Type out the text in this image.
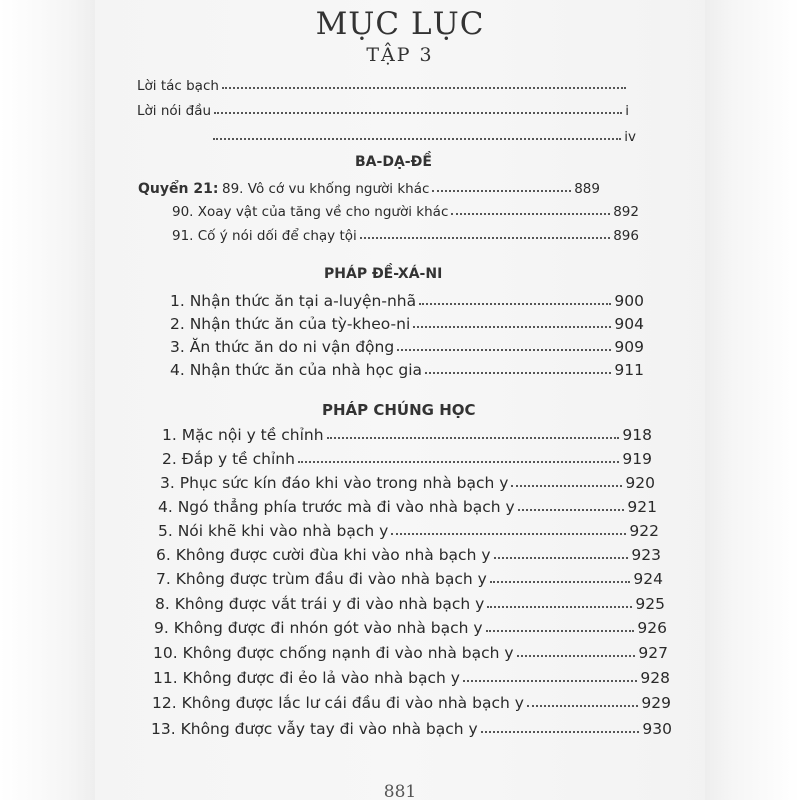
MỤC LỤC
TẬP 3
Lời tác bạch
Lời nói đầu	i
iv
BA-DẠ-ĐỀ
Quyển 21: 89. Vô cớ vu khống người khác	889
90. Xoay vật của tăng về cho người khác	892
91. Cố ý nói dối để chạy tội	896
PHÁP ĐỀ-XÁ-NI
1. Nhận thức ăn tại a-luyện-nhã	900
2. Nhận thức ăn của tỳ-kheo-ni	904
3. Ăn thức ăn do ni vận động	909
4. Nhận thức ăn của nhà học gia	911
PHÁP CHÚNG HỌC
1. Mặc nội y tề chỉnh	918
2. Đắp y tề chỉnh	919
3. Phục sức kín đáo khi vào trong nhà bạch y	920
4. Ngó thẳng phía trước mà đi vào nhà bạch y	921
5. Nói khẽ khi vào nhà bạch y	922
6. Không được cười đùa khi vào nhà bạch y	923
7. Không được trùm đầu đi vào nhà bạch y	924
8. Không được vắt trái y đi vào nhà bạch y	925
9. Không được đi nhón gót vào nhà bạch y	926
10. Không được chống nạnh đi vào nhà bạch y	927
11. Không được đi ẻo lả vào nhà bạch y	928
12. Không được lắc lư cái đầu đi vào nhà bạch y	929
13. Không được vẫy tay đi vào nhà bạch y	930
881
